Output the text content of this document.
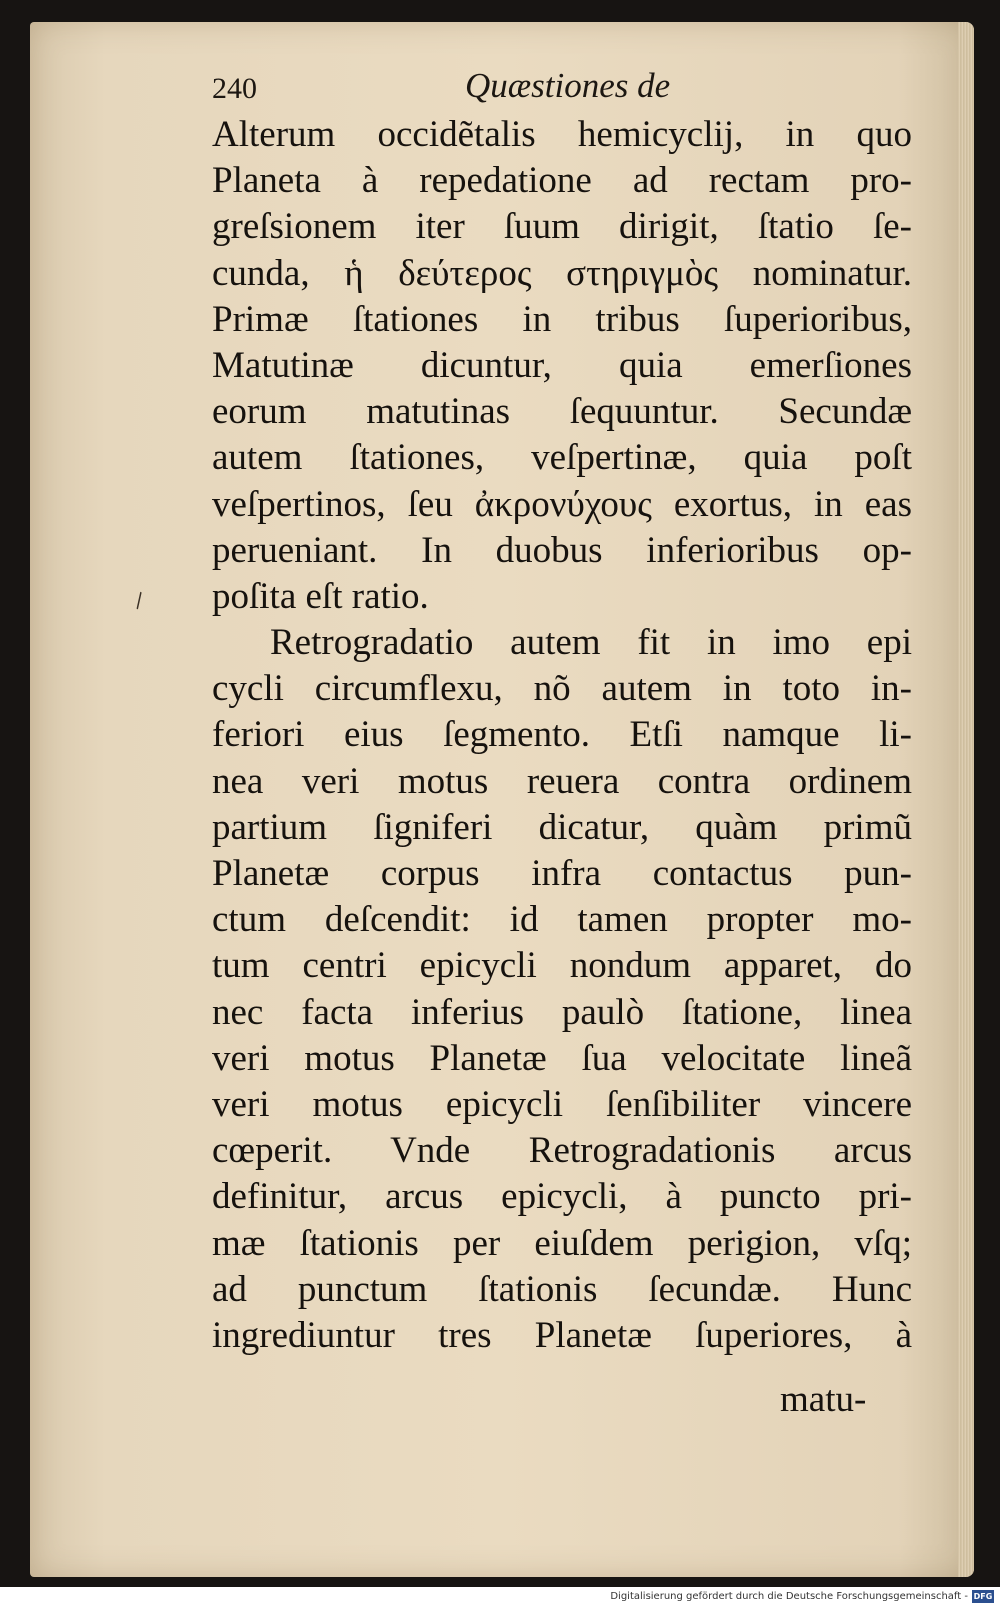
240	Quæstiones de
\
Alterum occidẽtalis hemicyclij, in quo
Planeta à repedatione ad rectam pro-
greſsionem iter ſuum dirigit, ſtatio ſe-
cunda, ἡ δεύτερος στηριγμὸς nominatur.
Primæ ſtationes in tribus ſuperioribus,
Matutinæ dicuntur, quia emerſiones
eorum matutinas ſequuntur. Secundæ
autem ſtationes, veſpertinæ, quia poſt
veſpertinos, ſeu ἀκρονύχους exortus, in eas
perueniant. In duobus inferioribus op-
poſita eſt ratio.
Retrogradatio autem fit in imo epi
cycli circumflexu, nõ autem in toto in-
feriori eius ſegmento. Etſi namque li-
nea veri motus reuera contra ordinem
partium ſigniferi dicatur, quàm primũ
Planetæ corpus infra contactus pun-
ctum deſcendit: id tamen propter mo-
tum centri epicycli nondum apparet, do
nec facta inferius paulò ſtatione, linea
veri motus Planetæ ſua velocitate lineã
veri motus epicycli ſenſibiliter vincere
cœperit. Vnde Retrogradationis arcus
definitur, arcus epicycli, à puncto pri-
mæ ſtationis per eiuſdem perigion, vſq;
ad punctum ſtationis ſecundæ. Hunc
ingrediuntur tres Planetæ ſuperiores, à
matu-
Digitalisierung gefördert durch die Deutsche Forschungsgemeinschaft - DFG
